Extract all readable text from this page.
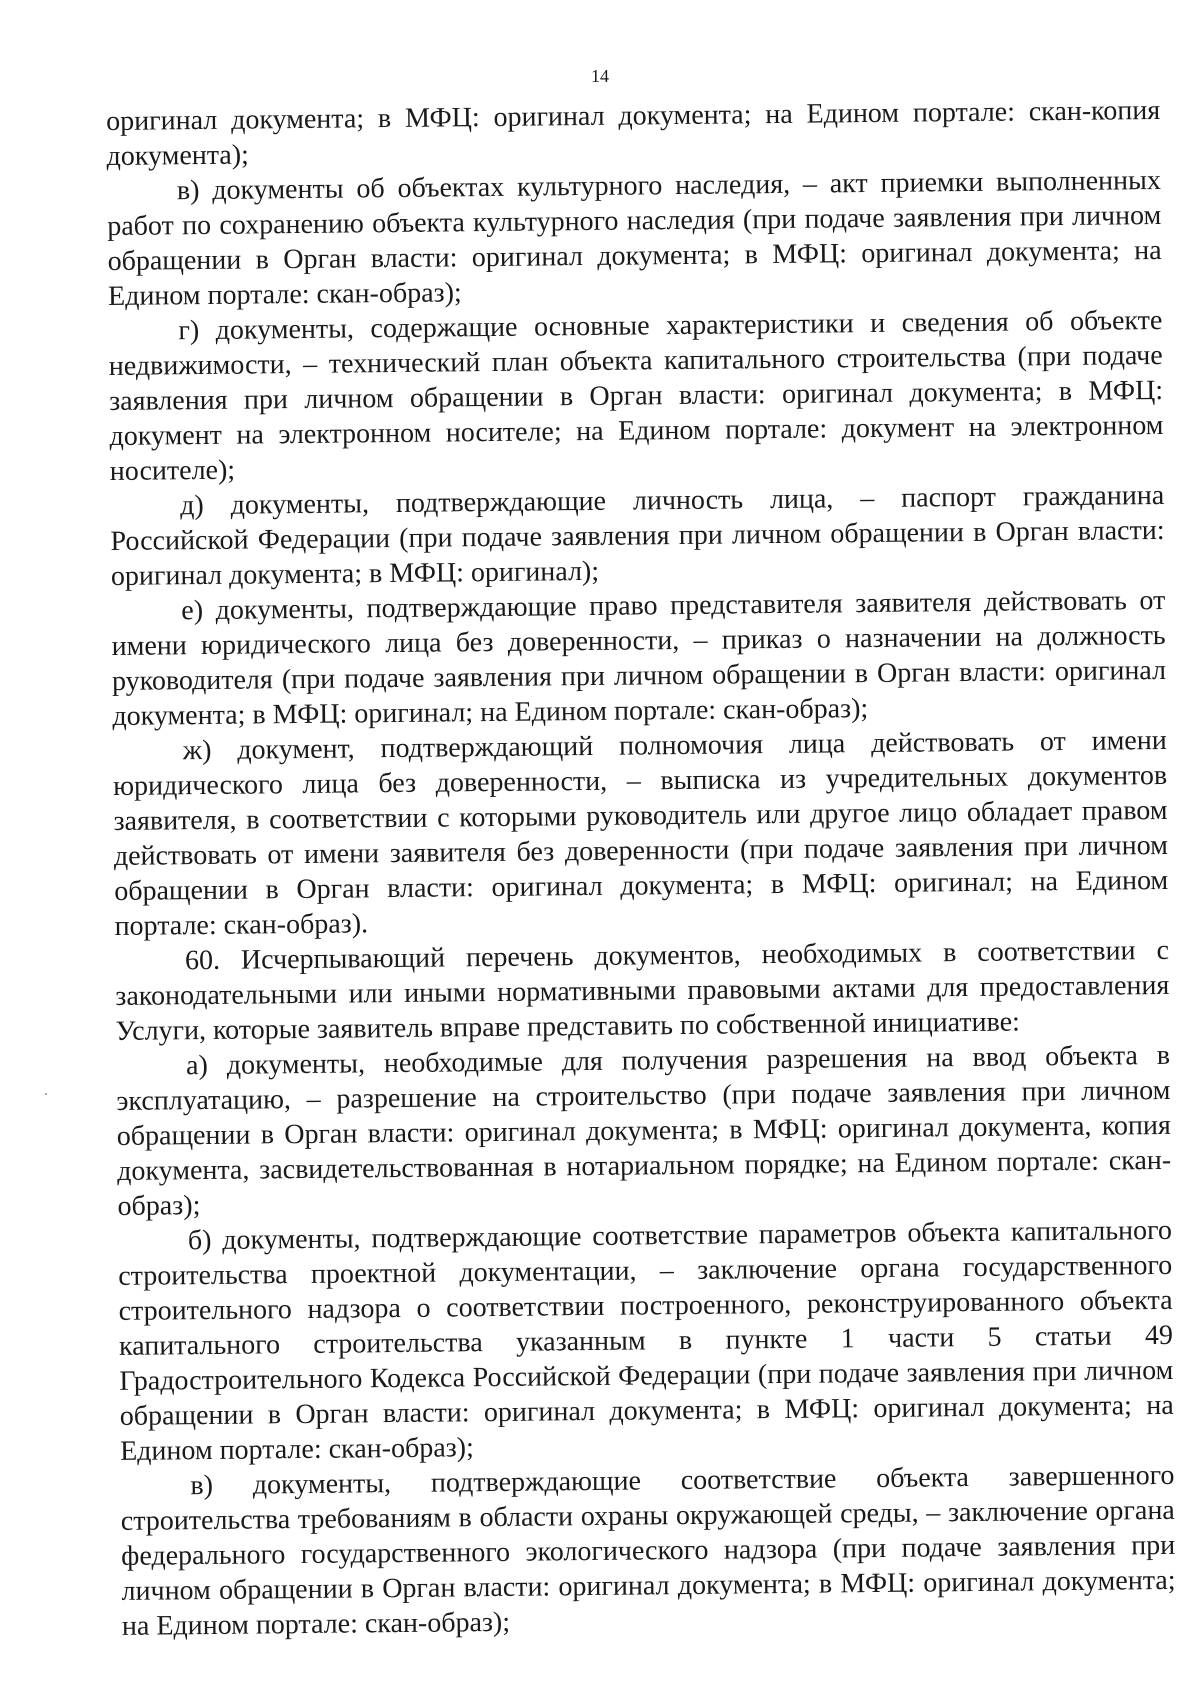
14

оригинал документа; в МФЦ: оригинал документа; на Едином портале: скан-копия документа);

в) документы об объектах культурного наследия, – акт приемки выполненных работ по сохранению объекта культурного наследия (при подаче заявления при личном обращении в Орган власти: оригинал документа; в МФЦ: оригинал документа; на Едином портале: скан-образ);

г) документы, содержащие основные характеристики и сведения об объекте недвижимости, – технический план объекта капитального строительства (при подаче заявления при личном обращении в Орган власти: оригинал документа; в МФЦ: документ на электронном носителе; на Едином портале: документ на электронном носителе);

д) документы, подтверждающие личность лица, – паспорт гражданина Российской Федерации (при подаче заявления при личном обращении в Орган власти: оригинал документа; в МФЦ: оригинал);

е) документы, подтверждающие право представителя заявителя действовать от имени юридического лица без доверенности, – приказ о назначении на должность руководителя (при подаче заявления при личном обращении в Орган власти: оригинал документа; в МФЦ: оригинал; на Едином портале: скан-образ);

ж) документ, подтверждающий полномочия лица действовать от имени юридического лица без доверенности, – выписка из учредительных документов заявителя, в соответствии с которыми руководитель или другое лицо обладает правом действовать от имени заявителя без доверенности (при подаче заявления при личном обращении в Орган власти: оригинал документа; в МФЦ: оригинал; на Едином портале: скан-образ).

60. Исчерпывающий перечень документов, необходимых в соответствии с законодательными или иными нормативными правовыми актами для предоставления Услуги, которые заявитель вправе представить по собственной инициативе:

а) документы, необходимые для получения разрешения на ввод объекта в эксплуатацию, – разрешение на строительство (при подаче заявления при личном обращении в Орган власти: оригинал документа; в МФЦ: оригинал документа, копия документа, засвидетельствованная в нотариальном порядке; на Едином портале: скан-образ);

б) документы, подтверждающие соответствие параметров объекта капитального строительства проектной документации, – заключение органа государственного строительного надзора о соответствии построенного, реконструированного объекта капитального строительства указанным в пункте 1 части 5 статьи 49 Градостроительного Кодекса Российской Федерации (при подаче заявления при личном обращении в Орган власти: оригинал документа; в МФЦ: оригинал документа; на Едином портале: скан-образ);

в) документы, подтверждающие соответствие объекта завершенного строительства требованиям в области охраны окружающей среды, – заключение органа федерального государственного экологического надзора (при подаче заявления при личном обращении в Орган власти: оригинал документа; в МФЦ: оригинал документа; на Едином портале: скан-образ);
